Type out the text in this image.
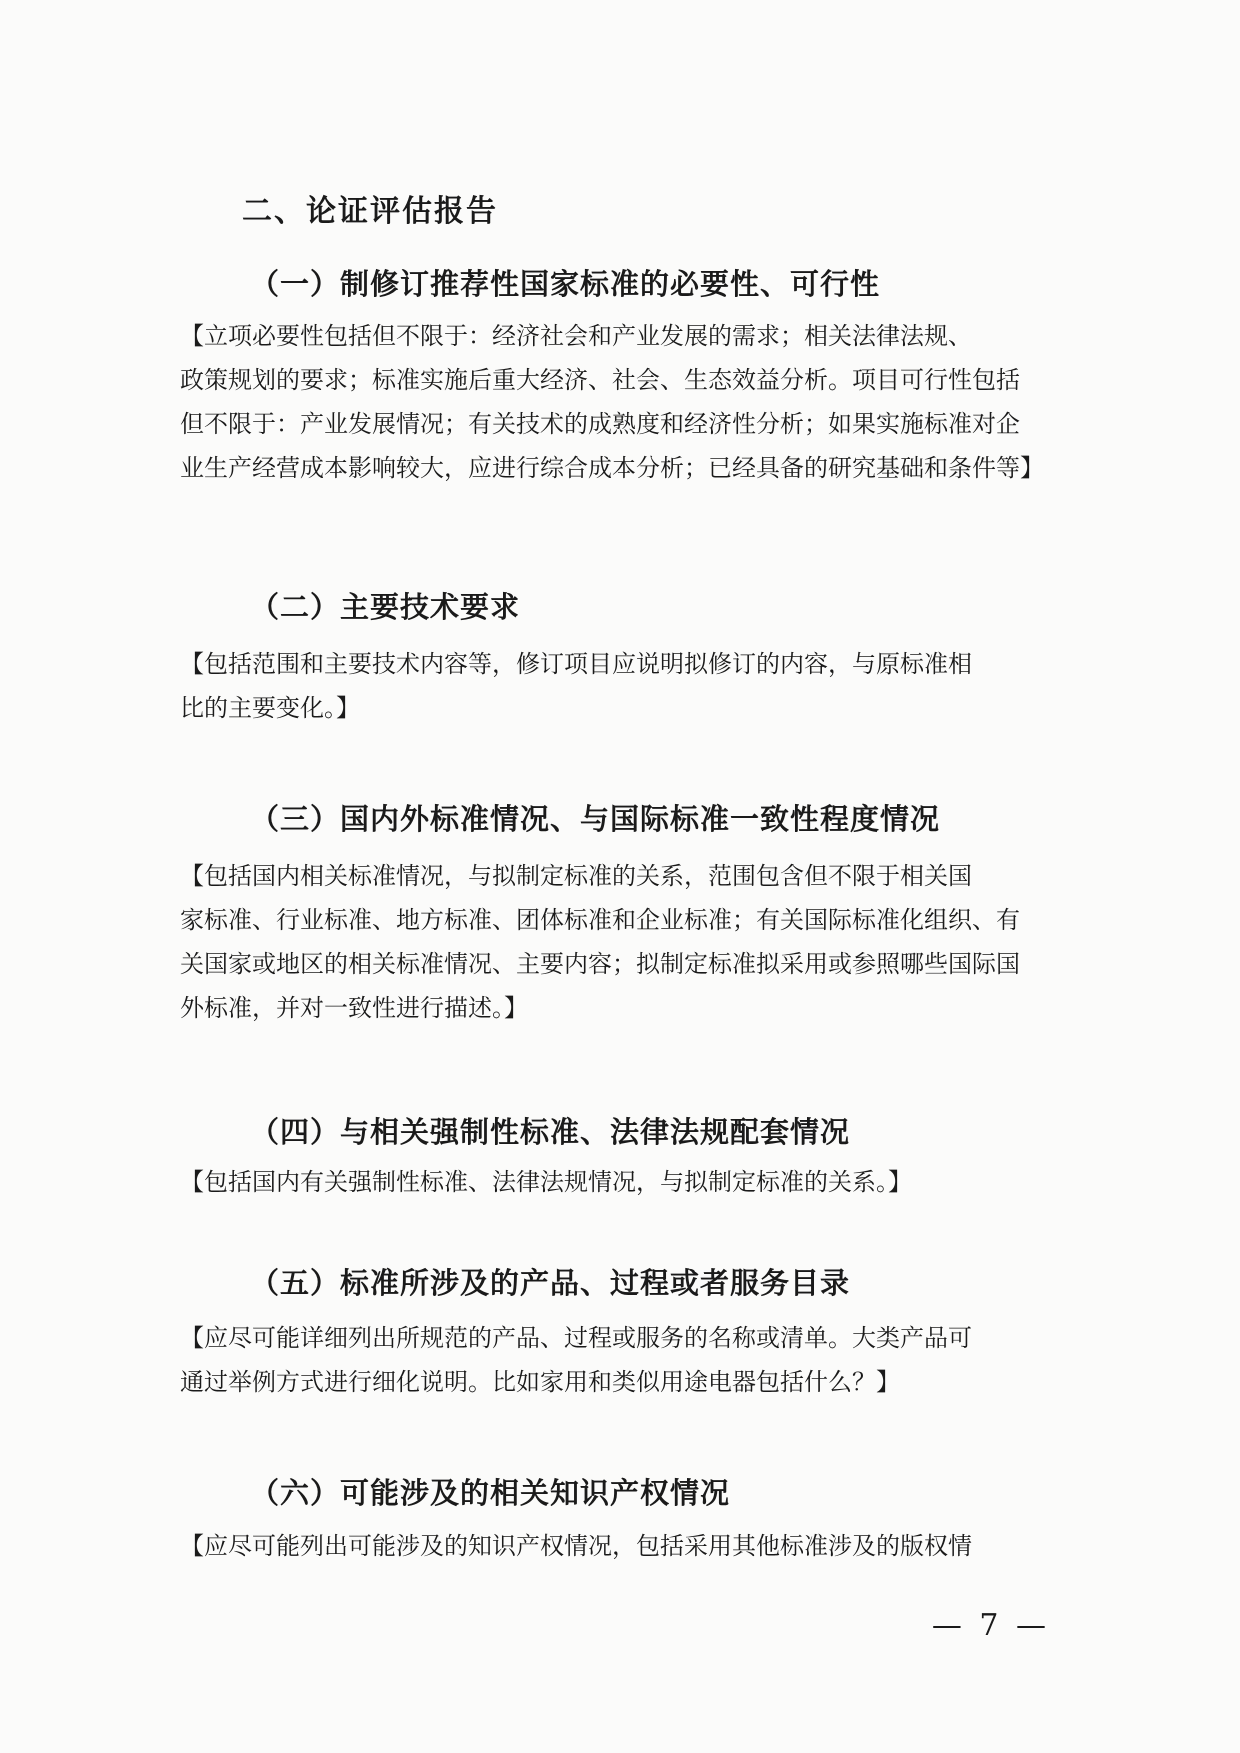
二、论证评估报告
（一）制修订推荐性国家标准的必要性、可行性

【立项必要性包括但不限于：经济社会和产业发展的需求；相关法律法规、
政策规划的要求；标准实施后重大经济、社会、生态效益分析。项目可行性包括
但不限于：产业发展情况；有关技术的成熟度和经济性分析；如果实施标准对企
业生产经营成本影响较大，应进行综合成本分析；已经具备的研究基础和条件等】

（二）主要技术要求

【包括范围和主要技术内容等，修订项目应说明拟修订的内容，与原标准相
比的主要变化。】

（三）国内外标准情况、与国际标准一致性程度情况

【包括国内相关标准情况，与拟制定标准的关系，范围包含但不限于相关国
家标准、行业标准、地方标准、团体标准和企业标准；有关国际标准化组织、有
关国家或地区的相关标准情况、主要内容；拟制定标准拟采用或参照哪些国际国
外标准，并对一致性进行描述。】

（四）与相关强制性标准、法律法规配套情况

【包括国内有关强制性标准、法律法规情况，与拟制定标准的关系。】

（五）标准所涉及的产品、过程或者服务目录

【应尽可能详细列出所规范的产品、过程或服务的名称或清单。大类产品可
通过举例方式进行细化说明。比如家用和类似用途电器包括什么？】

（六）可能涉及的相关知识产权情况

【应尽可能列出可能涉及的知识产权情况，包括采用其他标准涉及的版权情

— 7 —
